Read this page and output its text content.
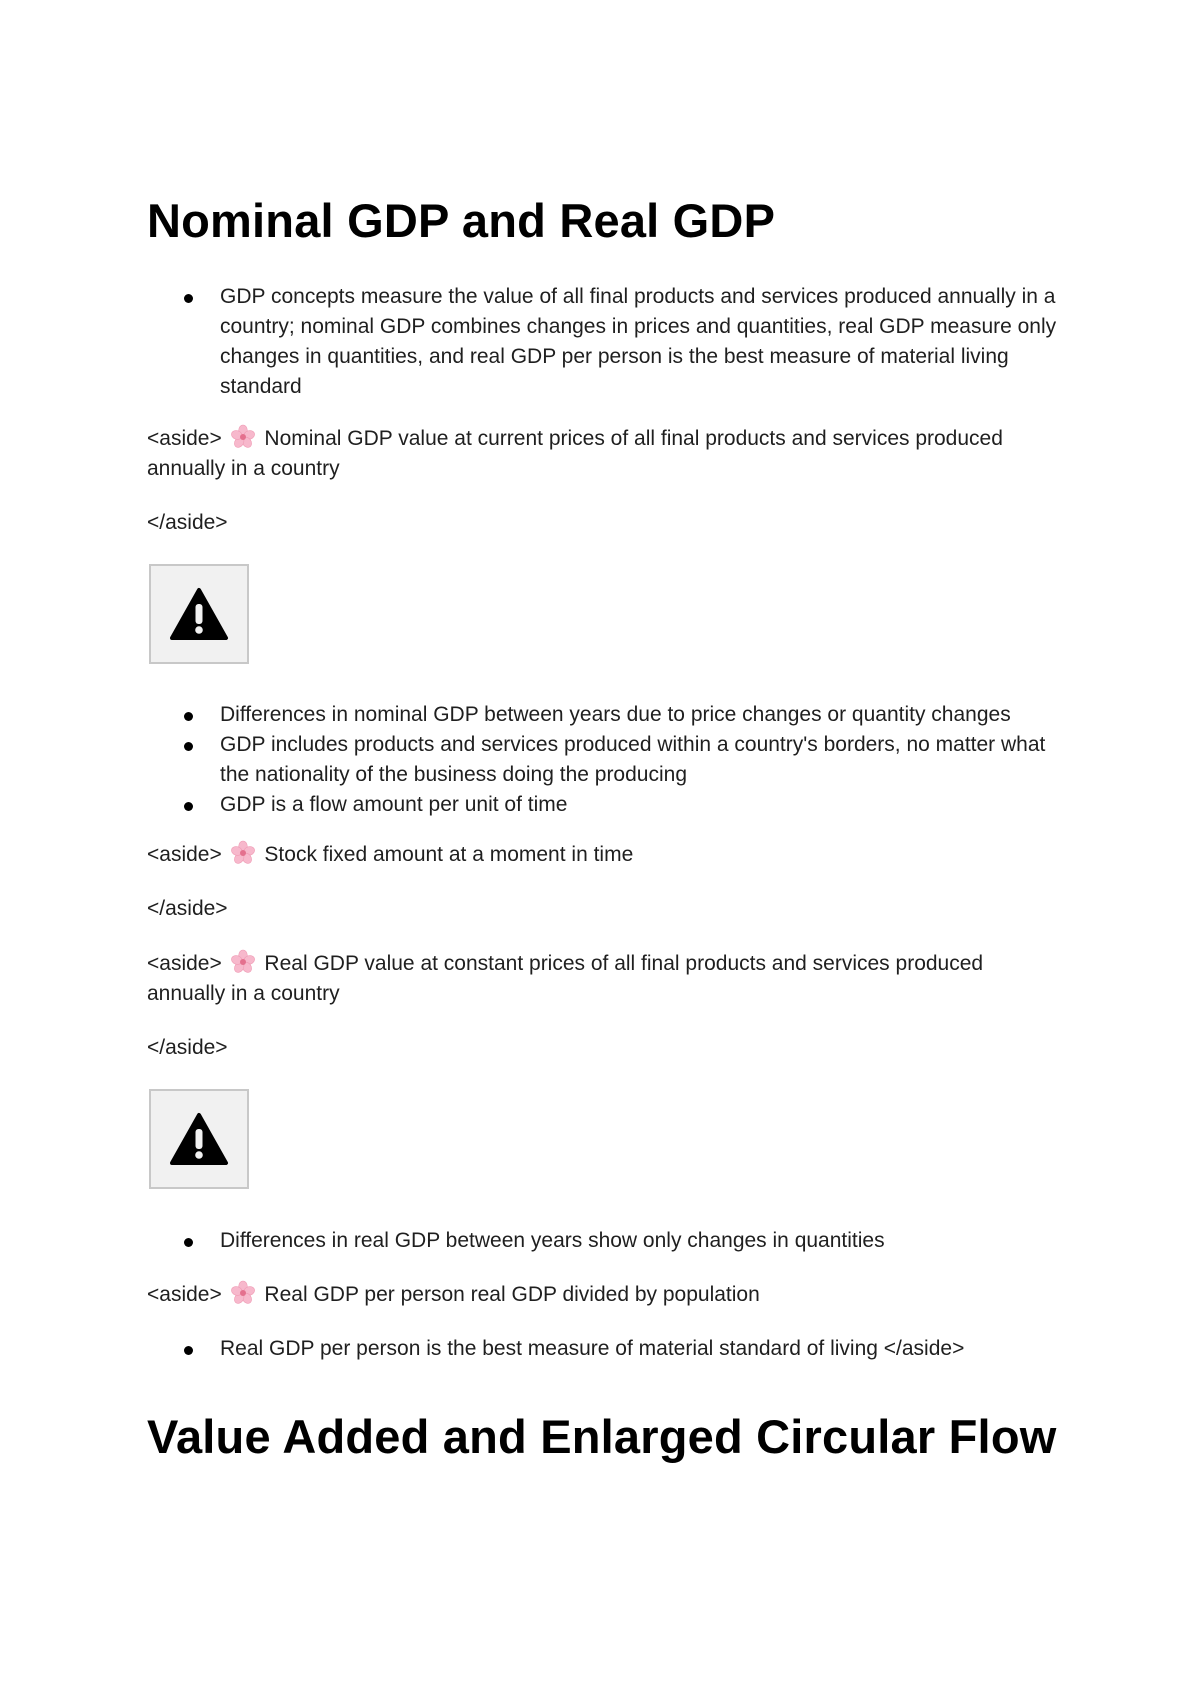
Nominal GDP and Real GDP
GDP concepts measure the value of all final products and services produced annually in a country; nominal GDP combines changes in prices and quantities, real GDP measure only changes in quantities, and real GDP per person is the best measure of material living standard

<aside> Nominal GDP value at current prices of all final products and services produced annually in a country

</aside>

Differences in nominal GDP between years due to price changes or quantity changes
GDP includes products and services produced within a country's borders, no matter what the nationality of the business doing the producing
GDP is a flow amount per unit of time

<aside> Stock fixed amount at a moment in time

</aside>

<aside> Real GDP value at constant prices of all final products and services produced annually in a country

</aside>

Differences in real GDP between years show only changes in quantities

<aside> Real GDP per person real GDP divided by population

Real GDP per person is the best measure of material standard of living </aside>
Value Added and Enlarged Circular Flow
